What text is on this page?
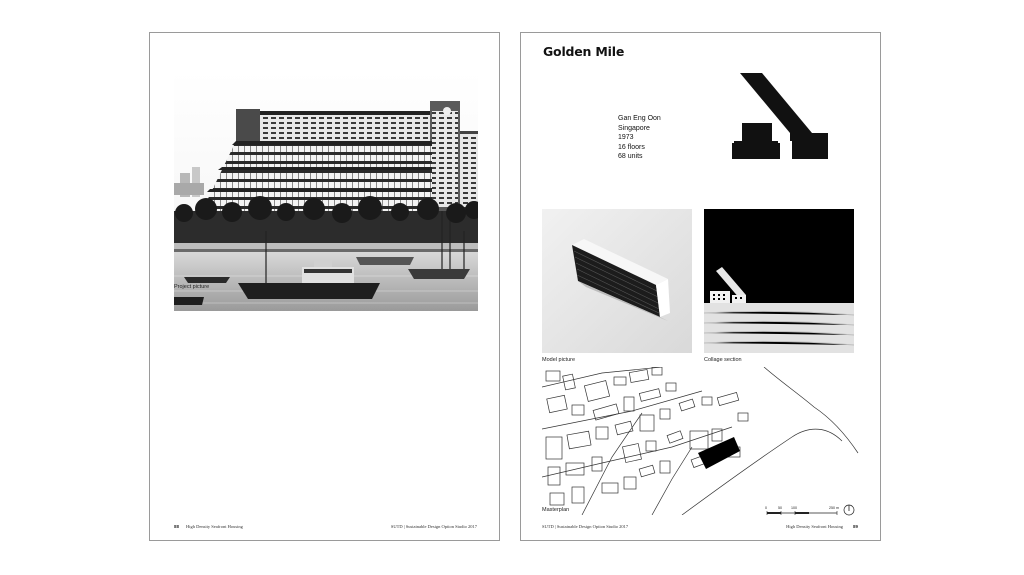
Project picture
88 High Density Seafront Housing	SUTD | Sustainable Design Option Studio 2017
Golden Mile
Gan Eng Oon
Singapore
1973
16 floors
68 units
Model picture	Collage section
Masterplan	0	50	100	250 m
SUTD | Sustainable Design Option Studio 2017	High Density Seafront Housing 89
